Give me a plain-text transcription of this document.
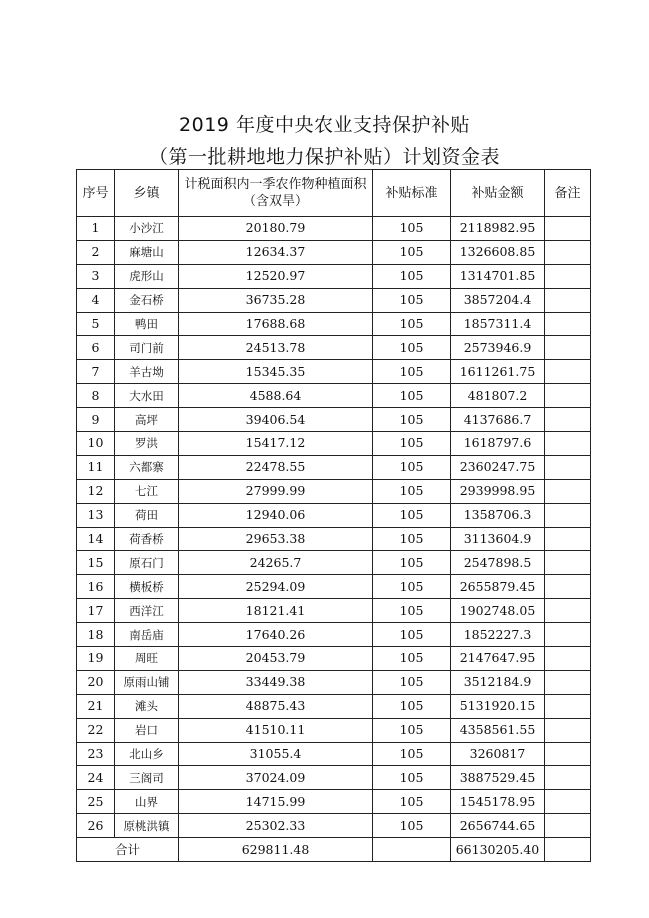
2019 年度中央农业支持保护补贴
（第一批耕地地力保护补贴）计划资金表
序号	乡镇	计税面积内一季农作物种植面积
（含双旱）	补贴标准	补贴金额	备注
1	小沙江	20180.79	105	2118982.95	
2	麻塘山	12634.37	105	1326608.85	
3	虎形山	12520.97	105	1314701.85	
4	金石桥	36735.28	105	3857204.4	
5	鸭田	17688.68	105	1857311.4	
6	司门前	24513.78	105	2573946.9	
7	羊古坳	15345.35	105	1611261.75	
8	大水田	4588.64	105	481807.2	
9	高坪	39406.54	105	4137686.7	
10	罗洪	15417.12	105	1618797.6	
11	六都寨	22478.55	105	2360247.75	
12	七江	27999.99	105	2939998.95	
13	荷田	12940.06	105	1358706.3	
14	荷香桥	29653.38	105	3113604.9	
15	原石门	24265.7	105	2547898.5	
16	横板桥	25294.09	105	2655879.45	
17	西洋江	18121.41	105	1902748.05	
18	南岳庙	17640.26	105	1852227.3	
19	周旺	20453.79	105	2147647.95	
20	原雨山铺	33449.38	105	3512184.9	
21	滩头	48875.43	105	5131920.15	
22	岩口	41510.11	105	4358561.55	
23	北山乡	31055.4	105	3260817	
24	三阁司	37024.09	105	3887529.45	
25	山界	14715.99	105	1545178.95	
26	原桃洪镇	25302.33	105	2656744.65	
合计		629811.48		66130205.40	
